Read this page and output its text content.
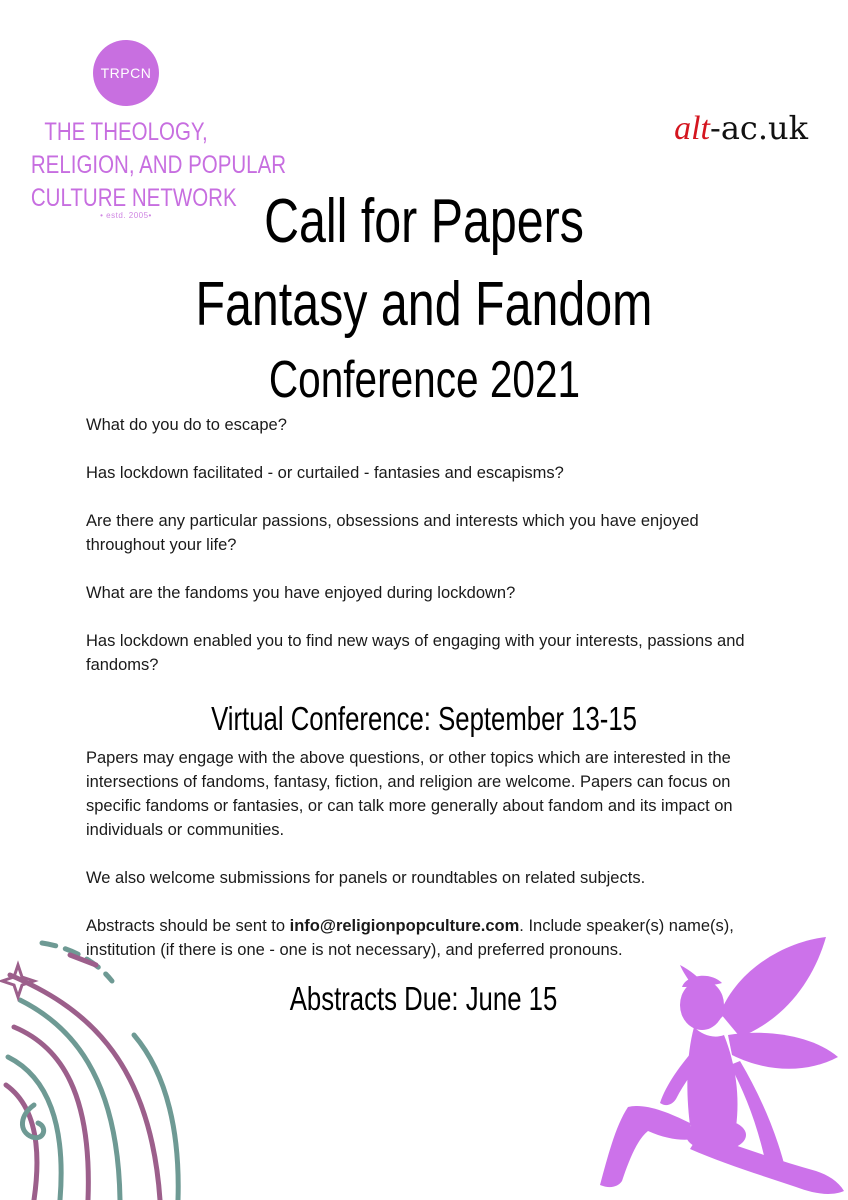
TRPCN
THE THEOLOGY,
RELIGION, AND POPULAR
CULTURE NETWORK
• estd. 2005•
alt-ac.uk
Call for Papers
Fantasy and Fandom
Conference 2021

What do you do to escape?

Has lockdown facilitated - or curtailed - fantasies and escapisms?

Are there any particular passions, obsessions and interests which you have enjoyed throughout your life?

What are the fandoms you have enjoyed during lockdown?

Has lockdown enabled you to find new ways of engaging with your interests, passions and fandoms?

Virtual Conference: September 13-15

Papers may engage with the above questions, or other topics which are interested in the intersections of fandoms, fantasy, fiction, and religion are welcome. Papers can focus on specific fandoms or fantasies, or can talk more generally about fandom and its impact on individuals or communities.

We also welcome submissions for panels or roundtables on related subjects.

Abstracts should be sent to info@religionpopculture.com. Include speaker(s) name(s), institution (if there is one - one is not necessary), and preferred pronouns.

Abstracts Due: June 15
